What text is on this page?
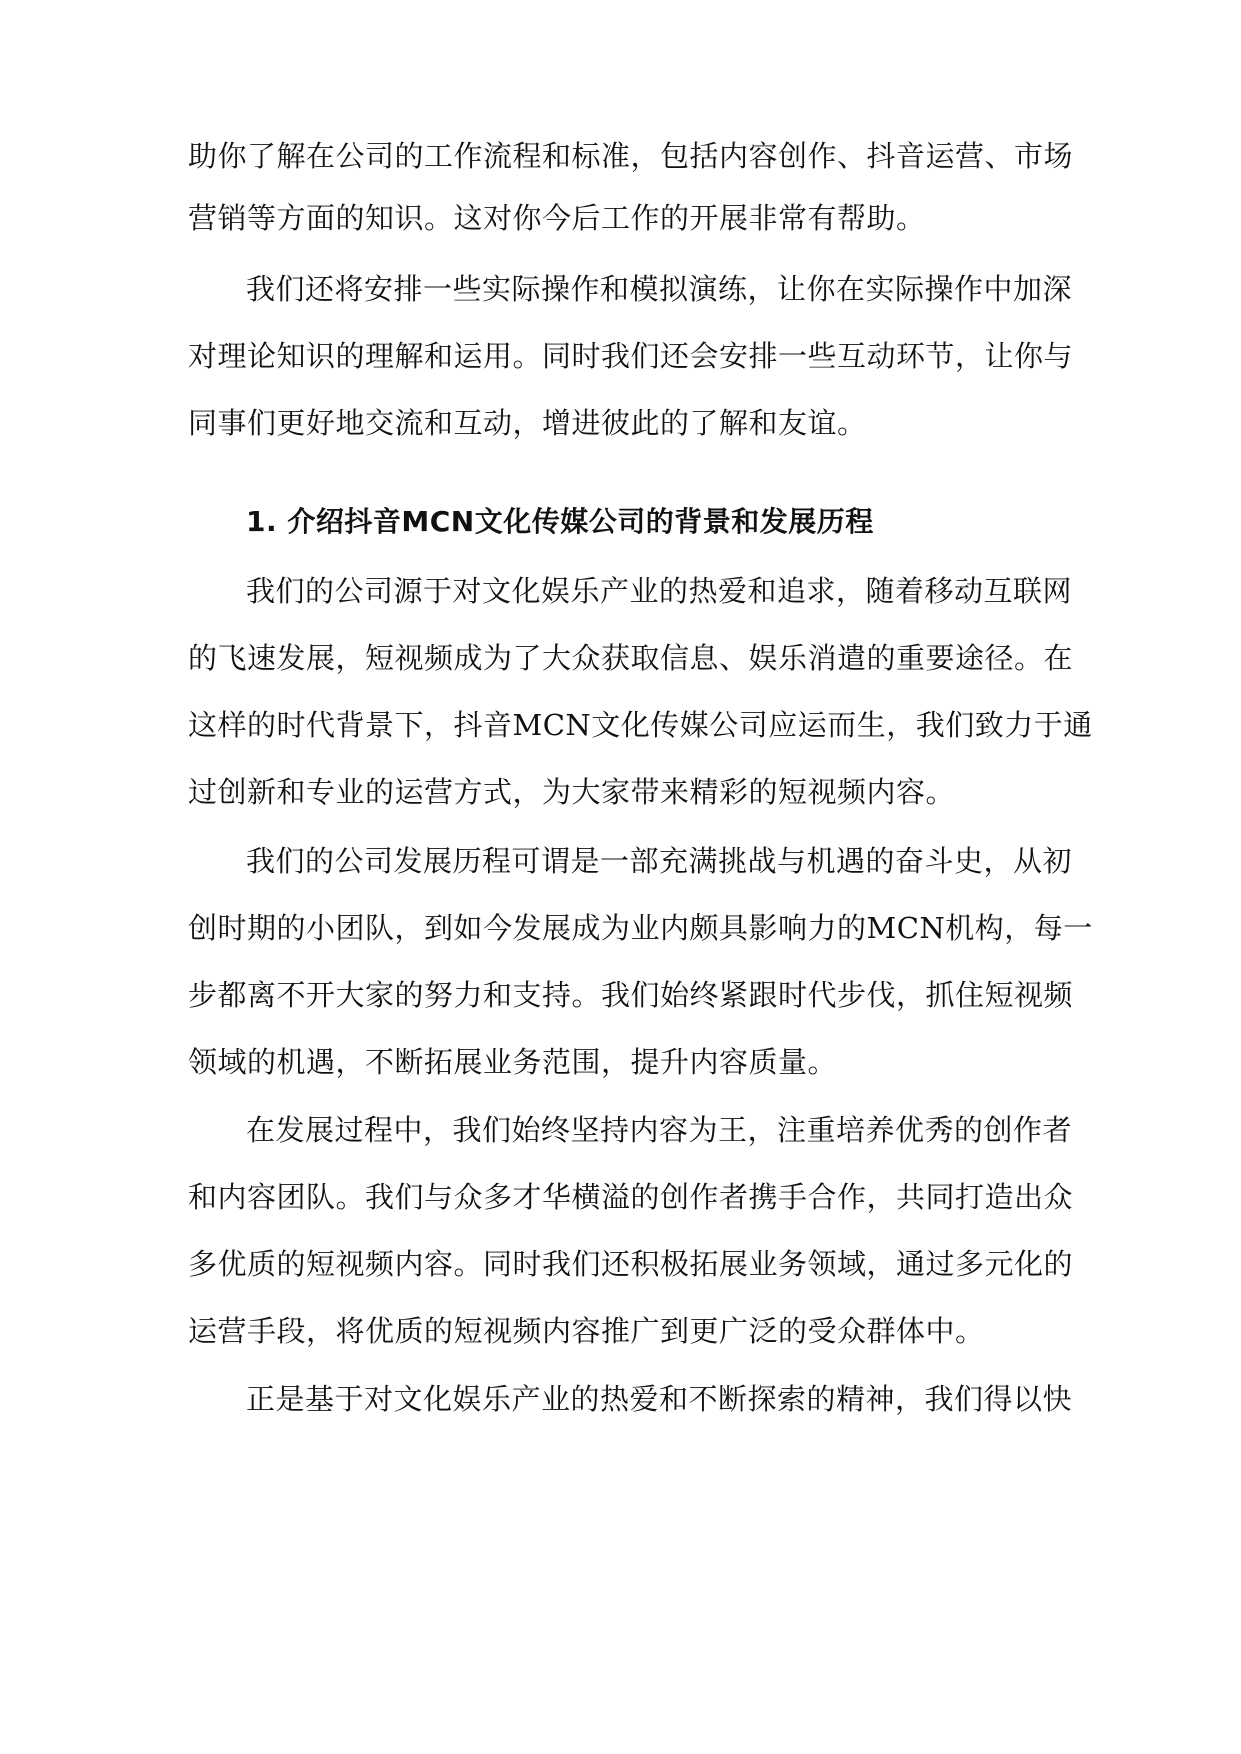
助你了解在公司的工作流程和标准，包括内容创作、抖音运营、市场
营销等方面的知识。这对你今后工作的开展非常有帮助。
我们还将安排一些实际操作和模拟演练，让你在实际操作中加深
对理论知识的理解和运用。同时我们还会安排一些互动环节，让你与
同事们更好地交流和互动，增进彼此的了解和友谊。
1. 介绍抖音MCN文化传媒公司的背景和发展历程
我们的公司源于对文化娱乐产业的热爱和追求，随着移动互联网
的飞速发展，短视频成为了大众获取信息、娱乐消遣的重要途径。在
这样的时代背景下，抖音MCN文化传媒公司应运而生，我们致力于通
过创新和专业的运营方式，为大家带来精彩的短视频内容。
我们的公司发展历程可谓是一部充满挑战与机遇的奋斗史，从初
创时期的小团队，到如今发展成为业内颇具影响力的MCN机构，每一
步都离不开大家的努力和支持。我们始终紧跟时代步伐，抓住短视频
领域的机遇，不断拓展业务范围，提升内容质量。
在发展过程中，我们始终坚持内容为王，注重培养优秀的创作者
和内容团队。我们与众多才华横溢的创作者携手合作，共同打造出众
多优质的短视频内容。同时我们还积极拓展业务领域，通过多元化的
运营手段，将优质的短视频内容推广到更广泛的受众群体中。
正是基于对文化娱乐产业的热爱和不断探索的精神，我们得以快
